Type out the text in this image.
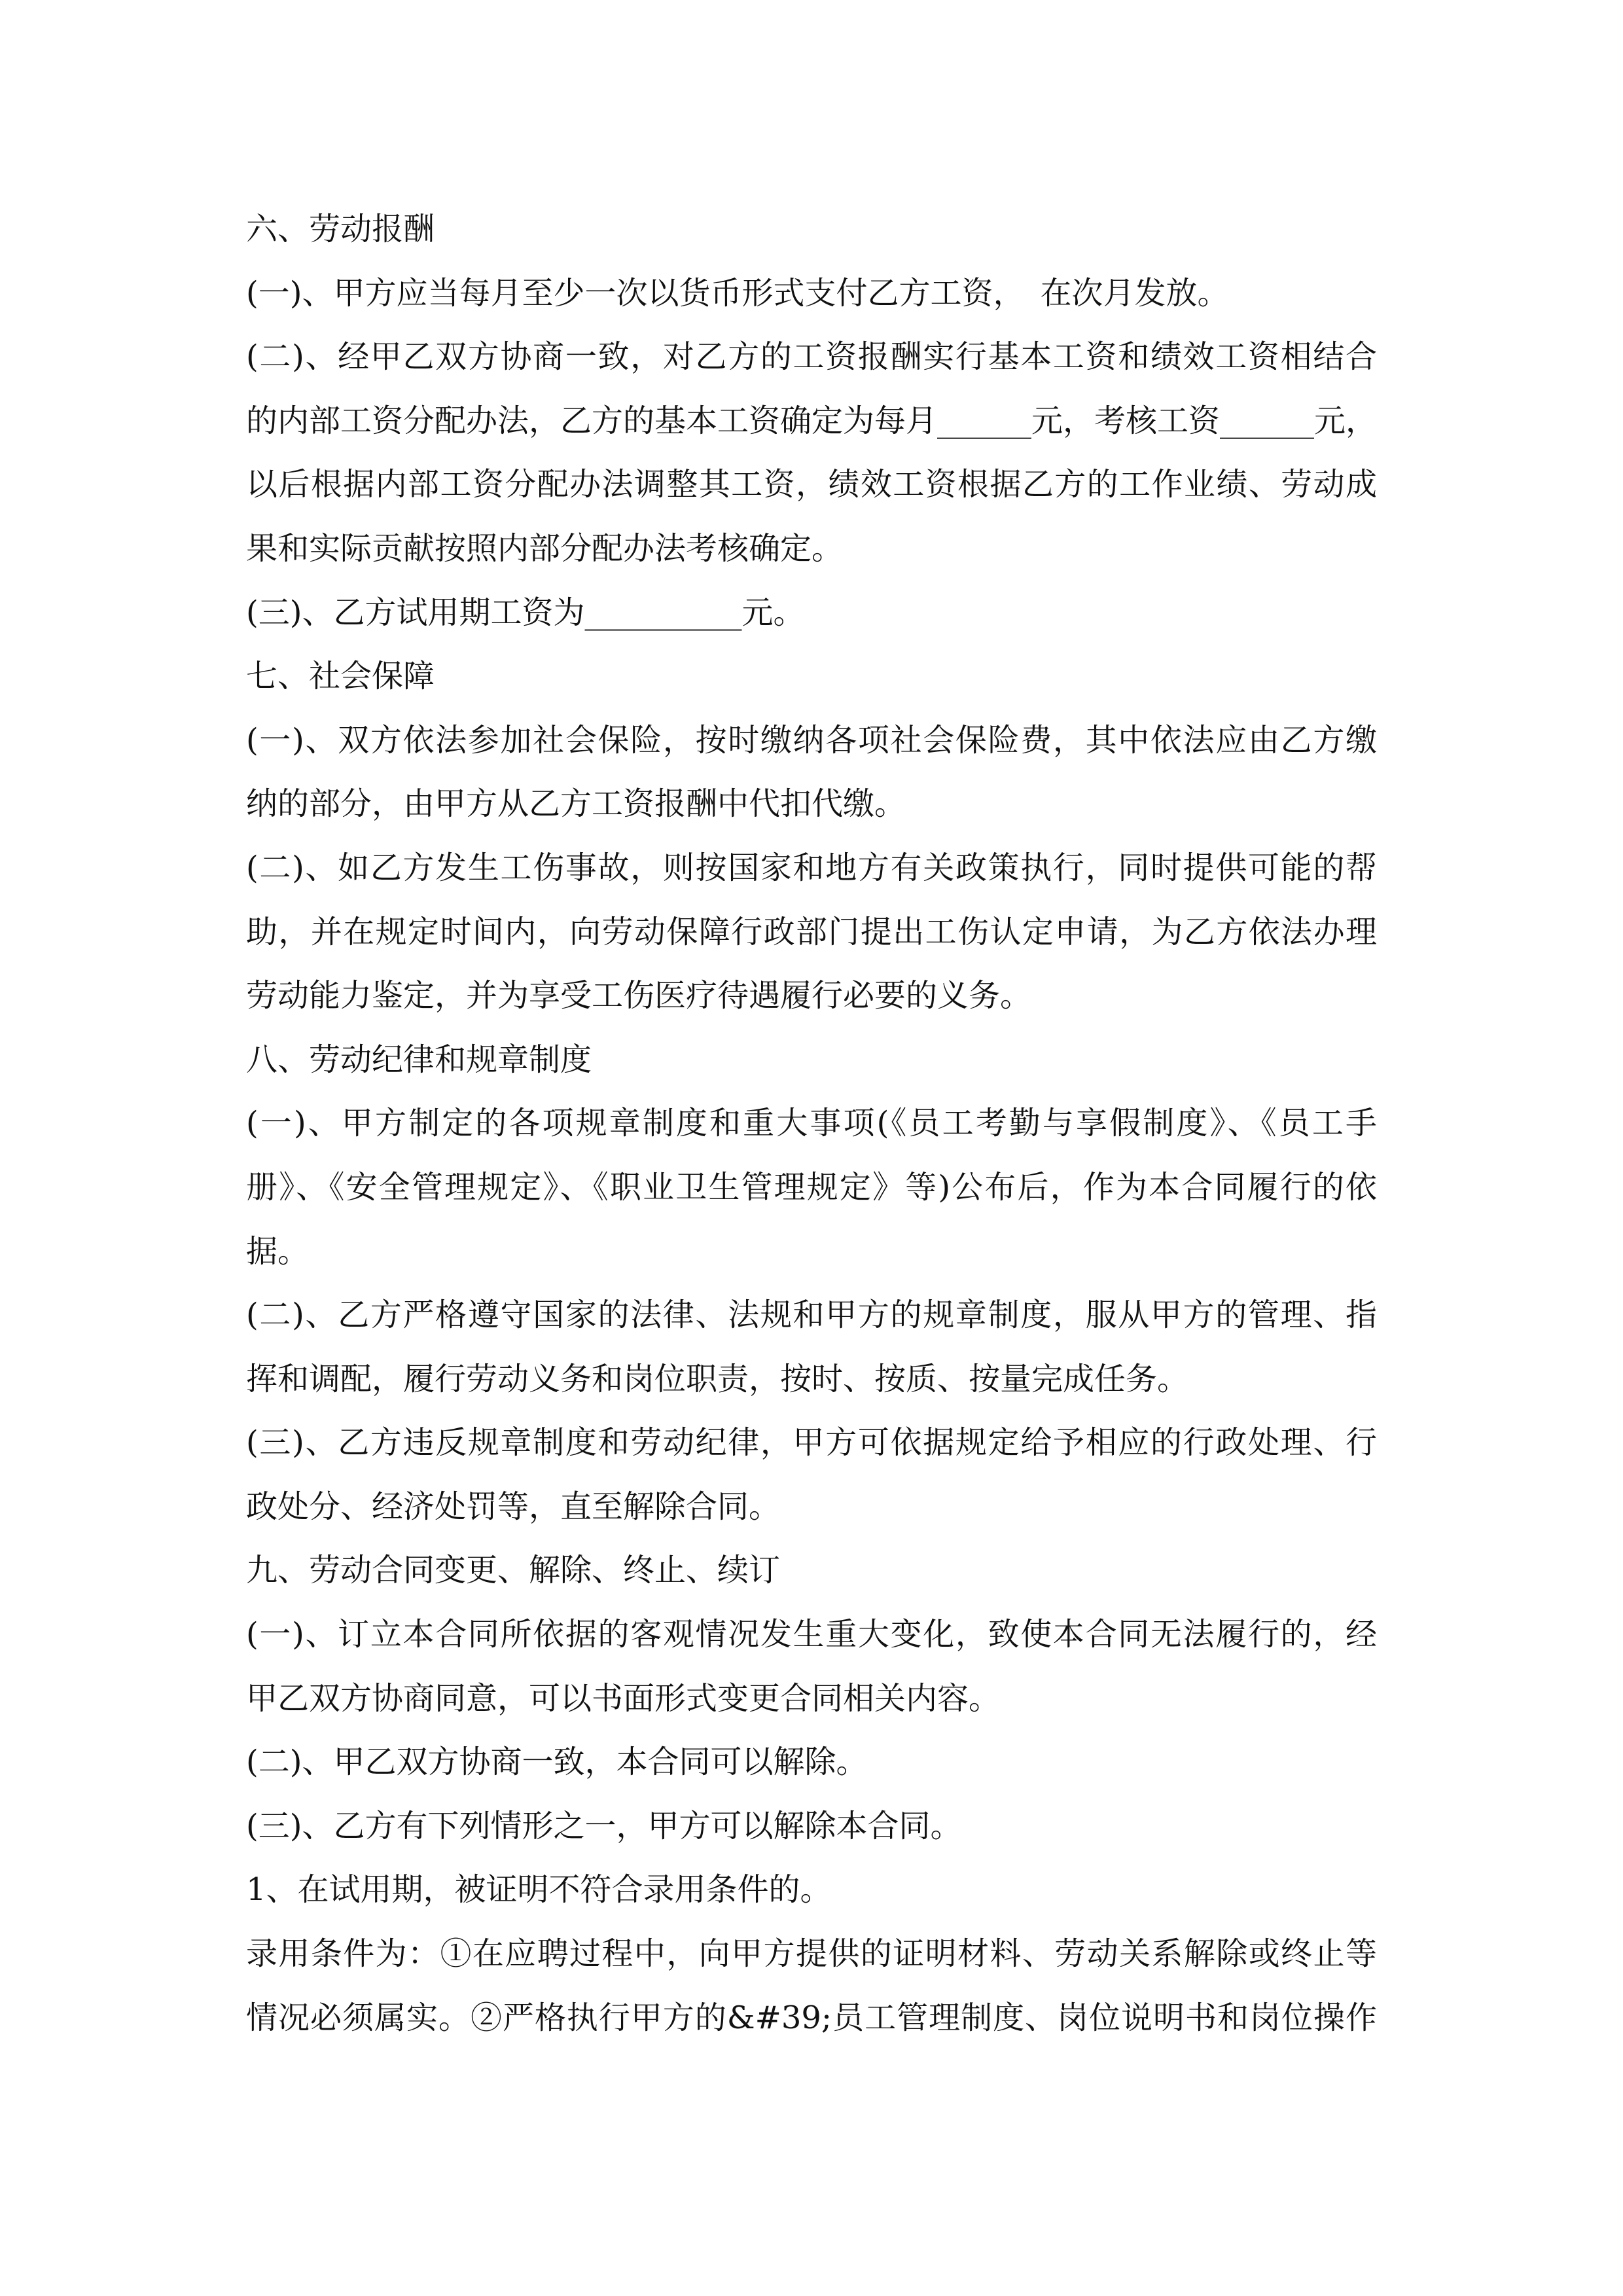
六、劳动报酬
(一)、甲方应当每月至少一次以货币形式支付乙方工资，　在次月发放。
(二)、经甲乙双方协商一致，对乙方的工资报酬实行基本工资和绩效工资相结合
的内部工资分配办法，乙方的基本工资确定为每月______元，考核工资______元，
以后根据内部工资分配办法调整其工资，绩效工资根据乙方的工作业绩、劳动成
果和实际贡献按照内部分配办法考核确定。
(三)、乙方试用期工资为__________元。
七、社会保障
(一)、双方依法参加社会保险，按时缴纳各项社会保险费，其中依法应由乙方缴
纳的部分，由甲方从乙方工资报酬中代扣代缴。
(二)、如乙方发生工伤事故，则按国家和地方有关政策执行，同时提供可能的帮
助，并在规定时间内，向劳动保障行政部门提出工伤认定申请，为乙方依法办理
劳动能力鉴定，并为享受工伤医疗待遇履行必要的义务。
八、劳动纪律和规章制度
(一)、甲方制定的各项规章制度和重大事项(《员工考勤与享假制度》、《员工手
册》、《安全管理规定》、《职业卫生管理规定》等)公布后，作为本合同履行的依
据。
(二)、乙方严格遵守国家的法律、法规和甲方的规章制度，服从甲方的管理、指
挥和调配，履行劳动义务和岗位职责，按时、按质、按量完成任务。
(三)、乙方违反规章制度和劳动纪律，甲方可依据规定给予相应的行政处理、行
政处分、经济处罚等，直至解除合同。
九、劳动合同变更、解除、终止、续订
(一)、订立本合同所依据的客观情况发生重大变化，致使本合同无法履行的，经
甲乙双方协商同意，可以书面形式变更合同相关内容。
(二)、甲乙双方协商一致，本合同可以解除。
(三)、乙方有下列情形之一，甲方可以解除本合同。
1、在试用期，被证明不符合录用条件的。
录用条件为：①在应聘过程中，向甲方提供的证明材料、劳动关系解除或终止等
情况必须属实。②严格执行甲方的&#39;员工管理制度、岗位说明书和岗位操作
